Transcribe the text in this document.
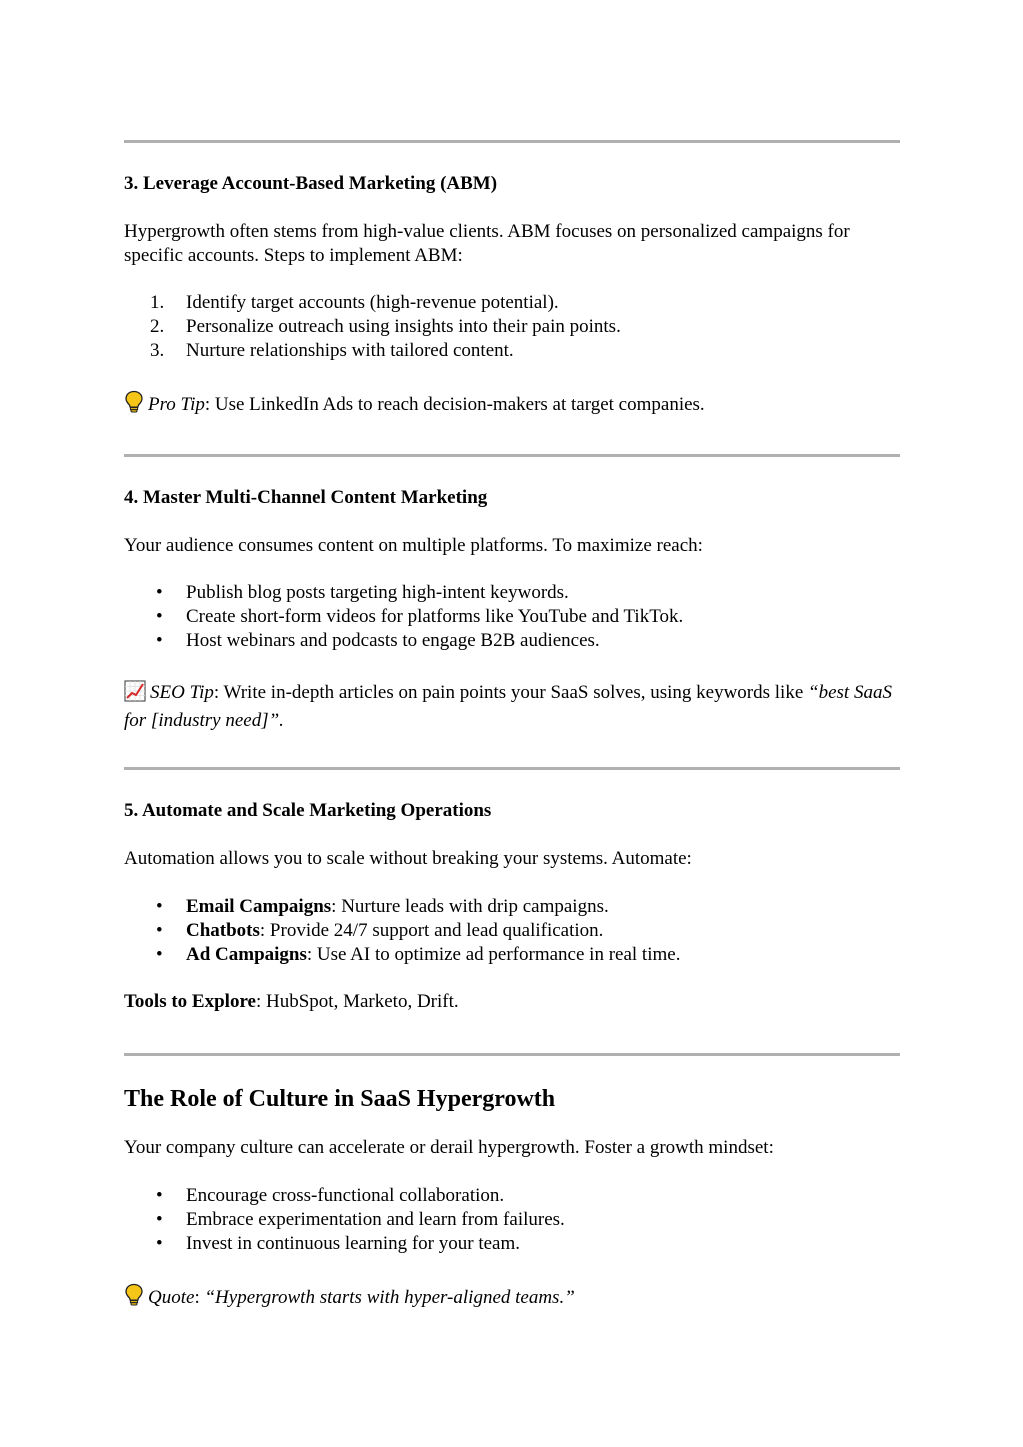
3. Leverage Account-Based Marketing (ABM)
Hypergrowth often stems from high-value clients. ABM focuses on personalized campaigns for specific accounts. Steps to implement ABM:
1.	Identify target accounts (high-revenue potential).
2.	Personalize outreach using insights into their pain points.
3.	Nurture relationships with tailored content.
Pro Tip: Use LinkedIn Ads to reach decision-makers at target companies.
4. Master Multi-Channel Content Marketing
Your audience consumes content on multiple platforms. To maximize reach:
•	Publish blog posts targeting high-intent keywords.
•	Create short-form videos for platforms like YouTube and TikTok.
•	Host webinars and podcasts to engage B2B audiences.
SEO Tip: Write in-depth articles on pain points your SaaS solves, using keywords like “best SaaS for [industry need]”.
5. Automate and Scale Marketing Operations
Automation allows you to scale without breaking your systems. Automate:
•	Email Campaigns: Nurture leads with drip campaigns.
•	Chatbots: Provide 24/7 support and lead qualification.
•	Ad Campaigns: Use AI to optimize ad performance in real time.
Tools to Explore: HubSpot, Marketo, Drift.
The Role of Culture in SaaS Hypergrowth
Your company culture can accelerate or derail hypergrowth. Foster a growth mindset:
•	Encourage cross-functional collaboration.
•	Embrace experimentation and learn from failures.
•	Invest in continuous learning for your team.
Quote: “Hypergrowth starts with hyper-aligned teams.”
